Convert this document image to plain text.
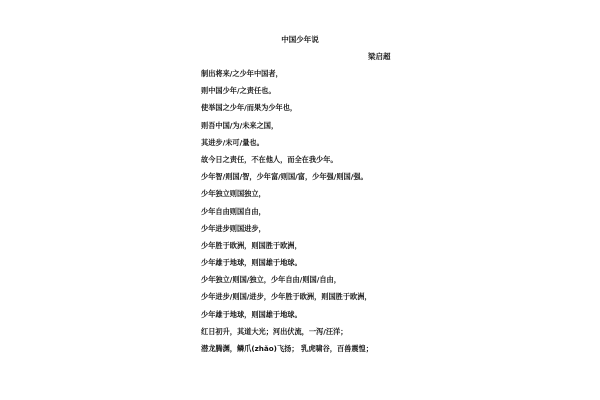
中国少年说
梁启超
制出将来/之少年中国者，
则中国少年/之责任也。
使举国之少年/而果为少年也，
则吾中国/为/未来之国，
其进步/未可/量也。
故今日之责任，不在他人，而全在我少年。
少年智/则国/智，少年富/则国/富，少年强/则国/强。
少年独立则国独立，
少年自由则国自由，
少年进步则国进步，
少年胜于欧洲，则国胜于欧洲，
少年雄于地球，则国雄于地球。
少年独立/则国/独立，少年自由/则国/自由，
少年进步/则国/进步，少年胜于欧洲，则国胜于欧洲，
少年雄于地球，则国雄于地球。
红日初升，其道大光；河出伏流，一泻/汪洋；
潜龙腾渊，鳞爪(zhǎo)飞扬； 乳虎啸谷，百兽震惶；
